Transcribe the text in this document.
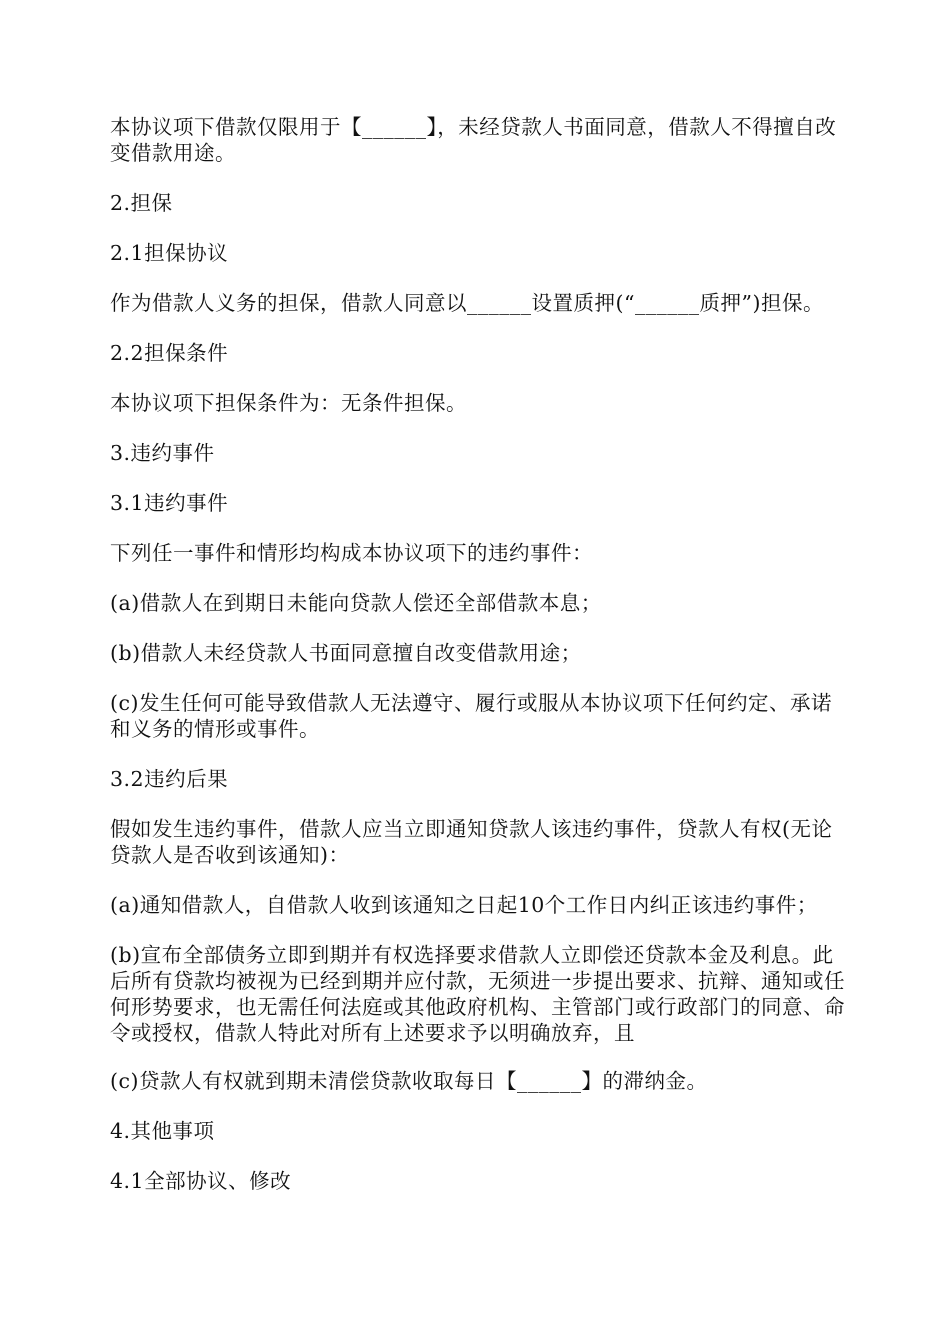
本协议项下借款仅限用于【______】，未经贷款人书面同意，借款人不得擅自改变借款用途。

2.担保

2.1担保协议

作为借款人义务的担保，借款人同意以______设置质押(“______质押”)担保。

2.2担保条件

本协议项下担保条件为：无条件担保。

3.违约事件

3.1违约事件

下列任一事件和情形均构成本协议项下的违约事件：

(a)借款人在到期日未能向贷款人偿还全部借款本息；

(b)借款人未经贷款人书面同意擅自改变借款用途；

(c)发生任何可能导致借款人无法遵守、履行或服从本协议项下任何约定、承诺和义务的情形或事件。

3.2违约后果

假如发生违约事件，借款人应当立即通知贷款人该违约事件，贷款人有权(无论贷款人是否收到该通知)：

(a)通知借款人，自借款人收到该通知之日起10个工作日内纠正该违约事件；

(b)宣布全部债务立即到期并有权选择要求借款人立即偿还贷款本金及利息。此后所有贷款均被视为已经到期并应付款，无须进一步提出要求、抗辩、通知或任何形势要求，也无需任何法庭或其他政府机构、主管部门或行政部门的同意、命令或授权，借款人特此对所有上述要求予以明确放弃，且

(c)贷款人有权就到期未清偿贷款收取每日【______】的滞纳金。

4.其他事项

4.1全部协议、修改
